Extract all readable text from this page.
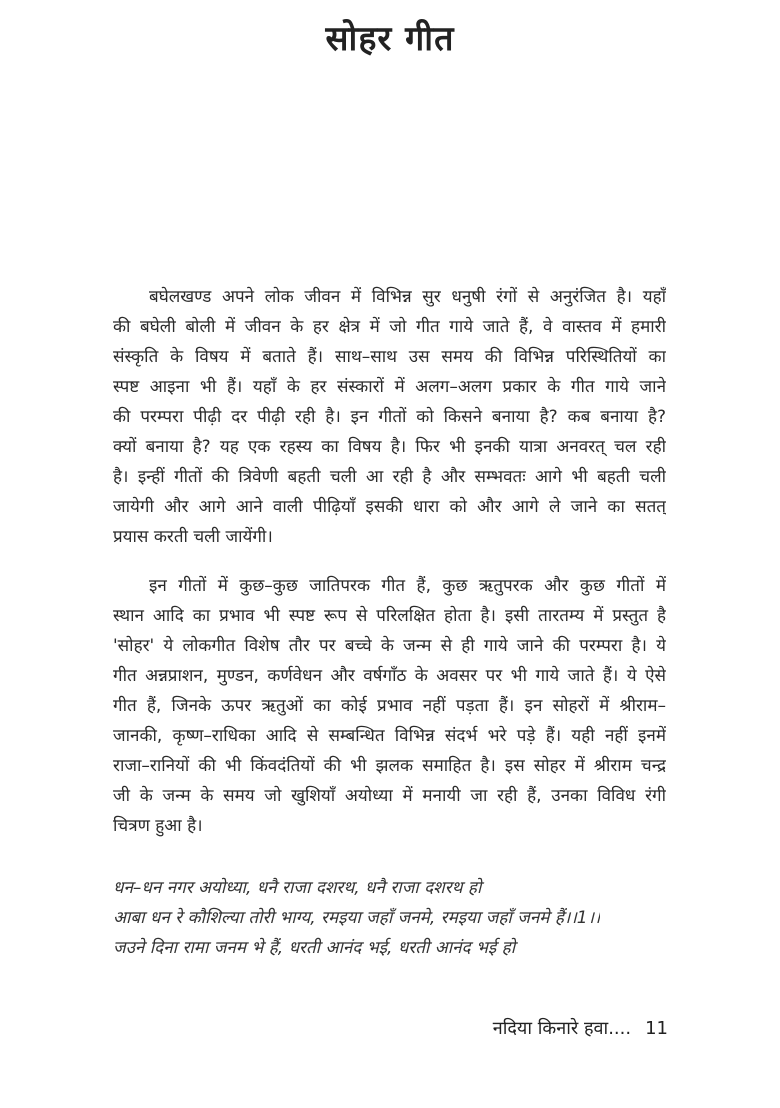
सोहर गीत
बघेलखण्ड अपने लोक जीवन में विभिन्न सुर धनुषी रंगों से अनुरंजित है। यहाँ
की बघेली बोली में जीवन के हर क्षेत्र में जो गीत गाये जाते हैं, वे वास्तव में हमारी
संस्कृति के विषय में बताते हैं। साथ–साथ उस समय की विभिन्न परिस्थितियों का
स्पष्ट आइना भी हैं। यहाँ के हर संस्कारों में अलग–अलग प्रकार के गीत गाये जाने
की परम्परा पीढ़ी दर पीढ़ी रही है। इन गीतों को किसने बनाया है? कब बनाया है?
क्यों बनाया है? यह एक रहस्य का विषय है। फिर भी इनकी यात्रा अनवरत् चल रही
है। इन्हीं गीतों की त्रिवेणी बहती चली आ रही है और सम्भवतः आगे भी बहती चली
जायेगी और आगे आने वाली पीढ़ियाँ इसकी धारा को और आगे ले जाने का सतत्
प्रयास करती चली जायेंगी।
इन गीतों में कुछ–कुछ जातिपरक गीत हैं, कुछ ऋतुपरक और कुछ गीतों में
स्थान आदि का प्रभाव भी स्पष्ट रूप से परिलक्षित होता है। इसी तारतम्य में प्रस्तुत है
'सोहर' ये लोकगीत विशेष तौर पर बच्चे के जन्म से ही गाये जाने की परम्परा है। ये
गीत अन्नप्राशन, मुण्डन, कर्णवेधन और वर्षगाँठ के अवसर पर भी गाये जाते हैं। ये ऐसे
गीत हैं, जिनके ऊपर ऋतुओं का कोई प्रभाव नहीं पड़ता हैं। इन सोहरों में श्रीराम–
जानकी, कृष्ण–राधिका आदि से सम्बन्धित विभिन्न संदर्भ भरे पड़े हैं। यही नहीं इनमें
राजा–रानियों की भी किंवदंतियों की भी झलक समाहित है। इस सोहर में श्रीराम चन्द्र
जी के जन्म के समय जो खुशियाँ अयोध्या में मनायी जा रही हैं, उनका विविध रंगी
चित्रण हुआ है।
धन–धन नगर अयोध्या, धनै राजा दशरथ, धनै राजा दशरथ हो
आबा धन रे कौशिल्या तोरी भाग्य, रमइया जहाँ जनमे, रमइया जहाँ जनमे हैं।।1।।
जउने दिना रामा जनम भे हैं, धरती आनंद भई, धरती आनंद भई हो
नदिया किनारे हवा.... 11
